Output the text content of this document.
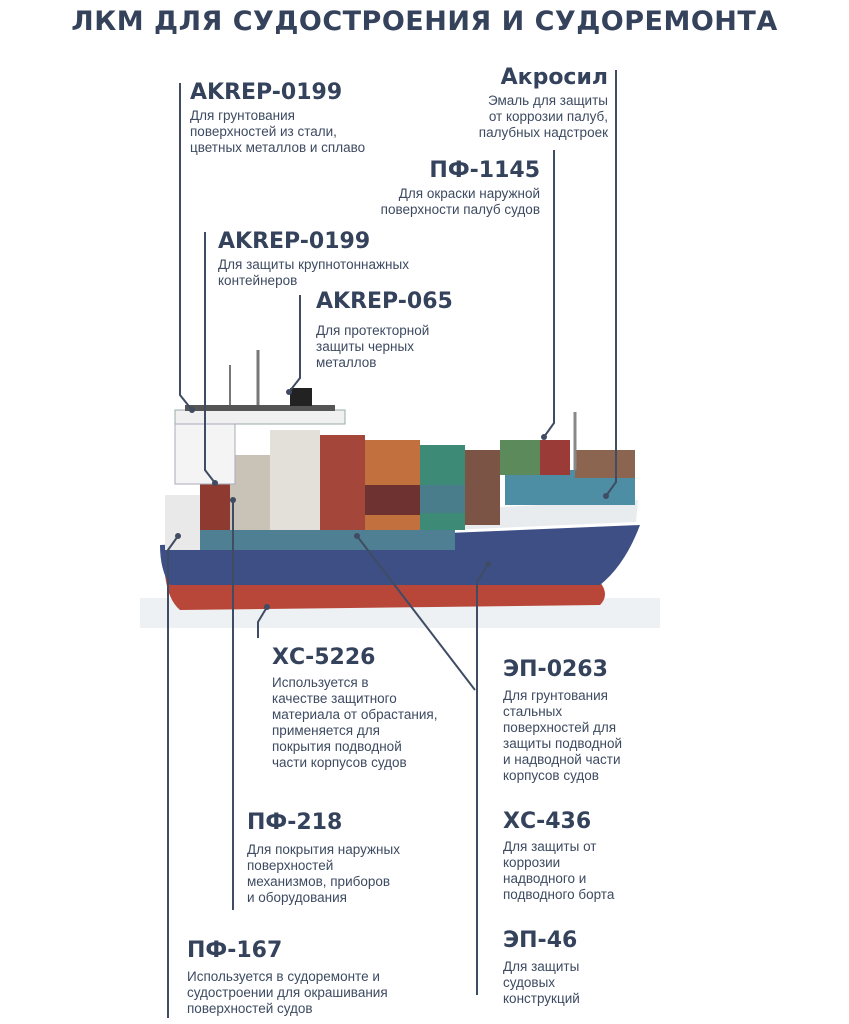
ЛКМ ДЛЯ СУДОСТРОЕНИЯ И СУДОРЕМОНТА
AKREP-0199
Для грунтования
поверхностей из стали,
цветных металлов и сплаво
Акросил
Эмаль для защиты
от коррозии палуб,
палубных надстроек
ПФ-1145
Для окраски наружной
поверхности палуб судов
AKREP-0199
Для защиты крупнотоннажных
контейнеров
AKREP-065
Для протекторной
защиты черных
металлов
ХС-5226
Используется в
качестве защитного
материала от обрастания,
применяется для
покрытия подводной
части корпусов судов
ЭП-0263
Для грунтования
стальных
поверхностей для
защиты подводной
и надводной части
корпусов судов
ПФ-218
Для покрытия наружных
поверхностей
механизмов, приборов
и оборудования
ХС-436
Для защиты от
коррозии
надводного и
подводного борта
ПФ-167
Используется в судоремонте и
судостроении для окрашивания
поверхностей судов
ЭП-46
Для защиты
судовых
конструкций
